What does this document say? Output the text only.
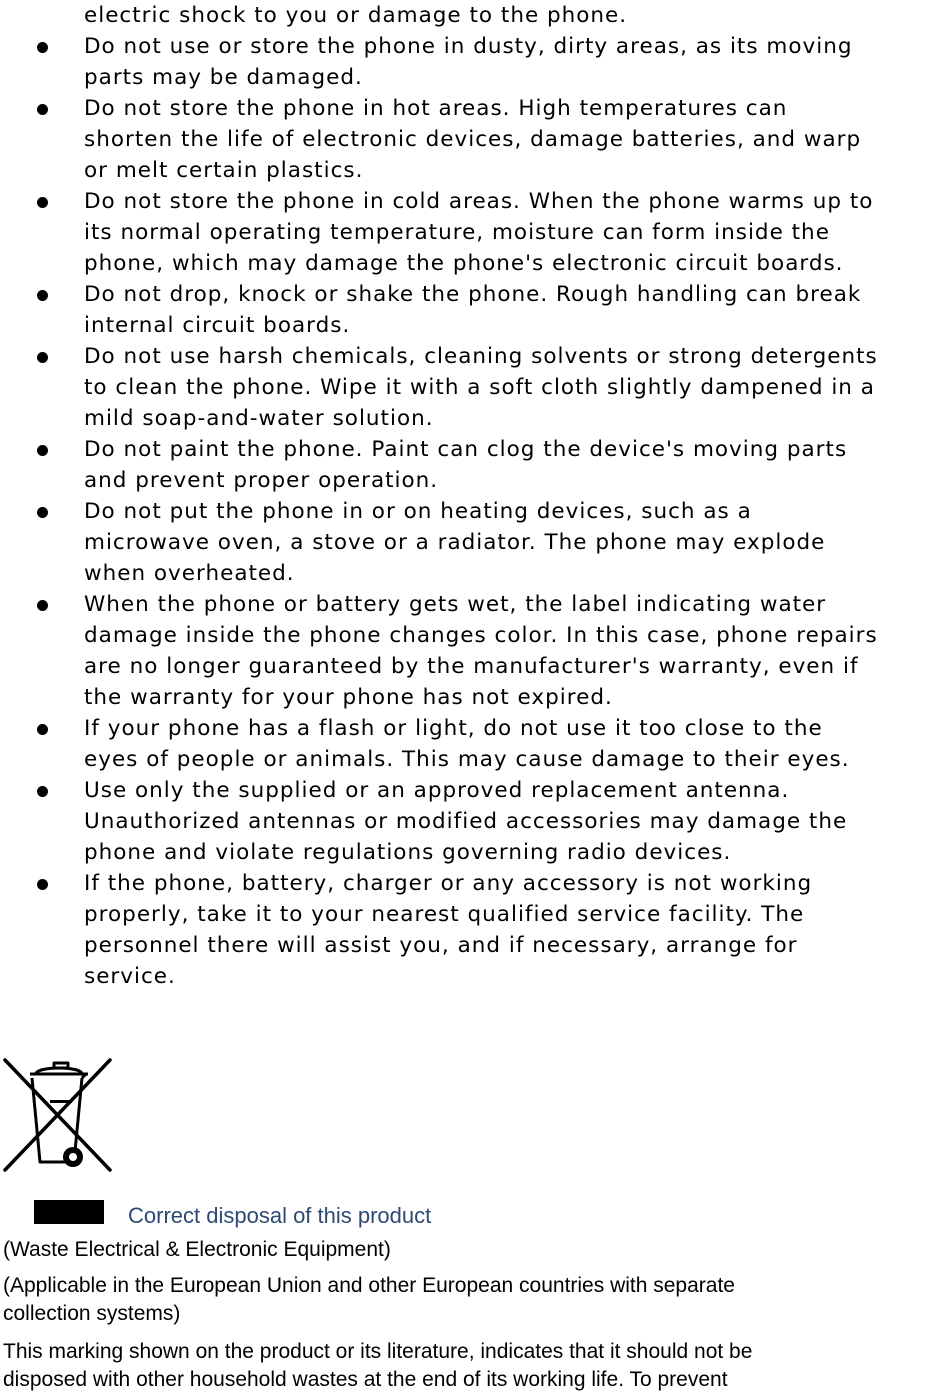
electric shock to you or damage to the phone.
Do not use or store the phone in dusty, dirty areas, as its moving
parts may be damaged.
Do not store the phone in hot areas. High temperatures can
shorten the life of electronic devices, damage batteries, and warp
or melt certain plastics.
Do not store the phone in cold areas. When the phone warms up to
its normal operating temperature, moisture can form inside the
phone, which may damage the phone's electronic circuit boards.
Do not drop, knock or shake the phone. Rough handling can break
internal circuit boards.
Do not use harsh chemicals, cleaning solvents or strong detergents
to clean the phone. Wipe it with a soft cloth slightly dampened in a
mild soap-and-water solution.
Do not paint the phone. Paint can clog the device's moving parts
and prevent proper operation.
Do not put the phone in or on heating devices, such as a
microwave oven, a stove or a radiator. The phone may explode
when overheated.
When the phone or battery gets wet, the label indicating water
damage inside the phone changes color. In this case, phone repairs
are no longer guaranteed by the manufacturer's warranty, even if
the warranty for your phone has not expired.
If your phone has a flash or light, do not use it too close to the
eyes of people or animals. This may cause damage to their eyes.
Use only the supplied or an approved replacement antenna.
Unauthorized antennas or modified accessories may damage the
phone and violate regulations governing radio devices.
If the phone, battery, charger or any accessory is not working
properly, take it to your nearest qualified service facility. The
personnel there will assist you, and if necessary, arrange for
service.
Correct disposal of this product
(Waste Electrical & Electronic Equipment)
(Applicable in the European Union and other European countries with separate
collection systems)
This marking shown on the product or its literature, indicates that it should not be
disposed with other household wastes at the end of its working life. To prevent
